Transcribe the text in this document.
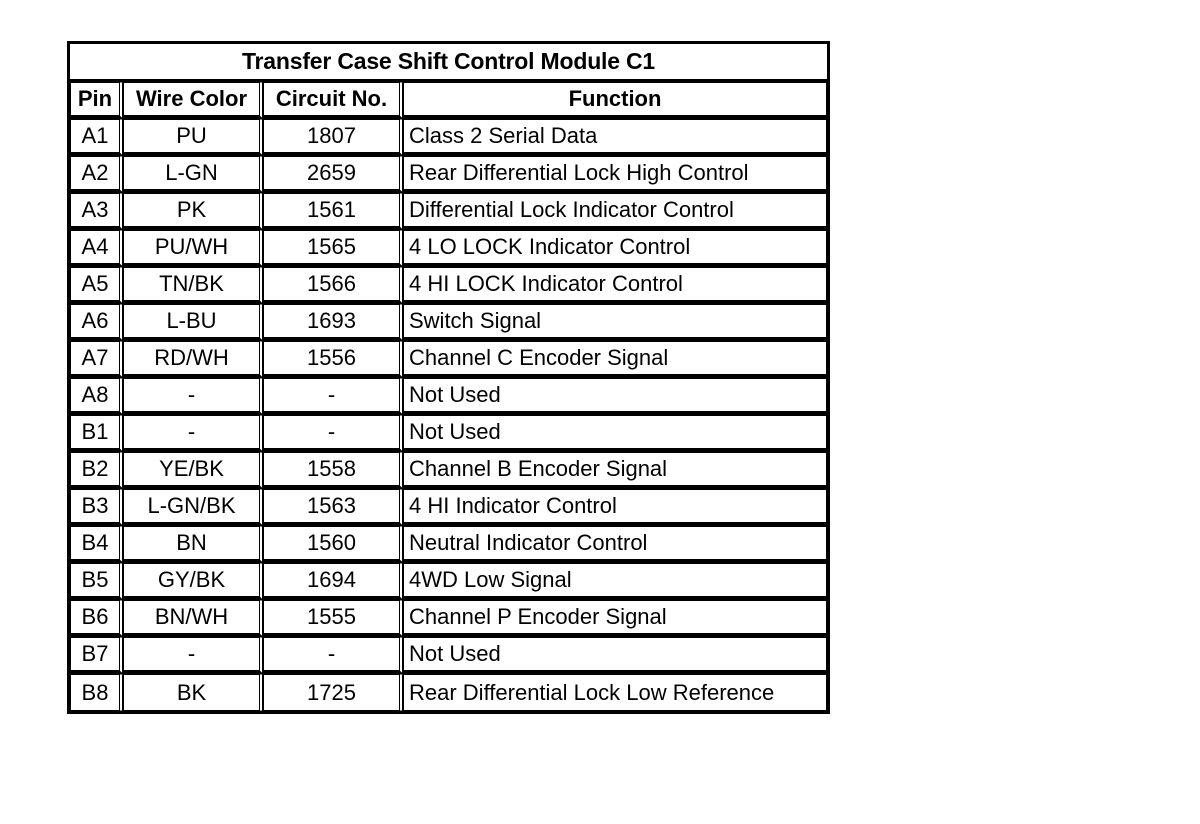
Transfer Case Shift Control Module C1
Pin	Wire Color	Circuit No.	Function
A1	PU	1807	Class 2 Serial Data
A2	L-GN	2659	Rear Differential Lock High Control
A3	PK	1561	Differential Lock Indicator Control
A4	PU/WH	1565	4 LO LOCK Indicator Control
A5	TN/BK	1566	4 HI LOCK Indicator Control
A6	L-BU	1693	Switch Signal
A7	RD/WH	1556	Channel C Encoder Signal
A8	-	-	Not Used
B1	-	-	Not Used
B2	YE/BK	1558	Channel B Encoder Signal
B3	L-GN/BK	1563	4 HI Indicator Control
B4	BN	1560	Neutral Indicator Control
B5	GY/BK	1694	4WD Low Signal
B6	BN/WH	1555	Channel P Encoder Signal
B7	-	-	Not Used
B8	BK	1725	Rear Differential Lock Low Reference
